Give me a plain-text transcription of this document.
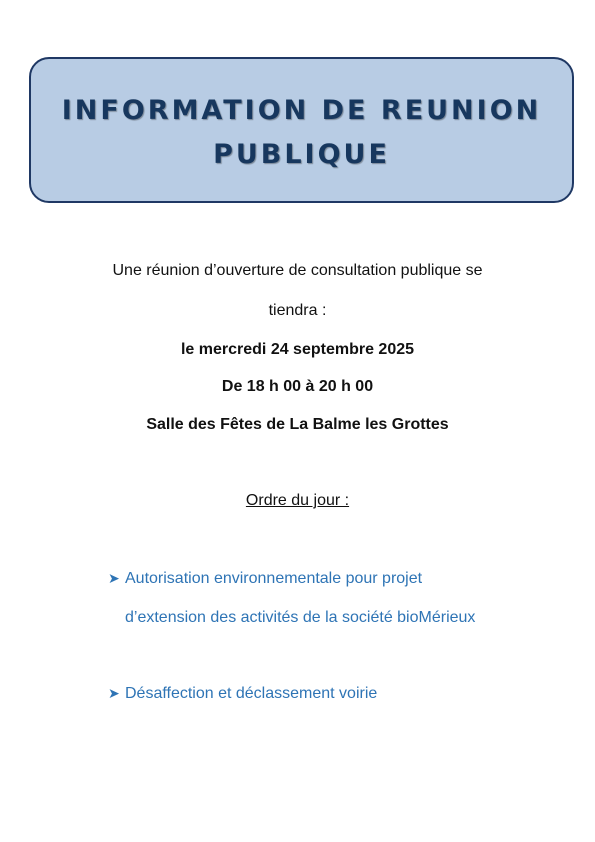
INFORMATION DE REUNION
PUBLIQUE
Une réunion d’ouverture de consultation publique se
tiendra :
le mercredi 24 septembre 2025
De 18 h 00 à 20 h 00
Salle des Fêtes de La Balme les Grottes
Ordre du jour :
➤ Autorisation environnementale pour projet
d’extension des activités de la société bioMérieux
➤ Désaffection et déclassement voirie
